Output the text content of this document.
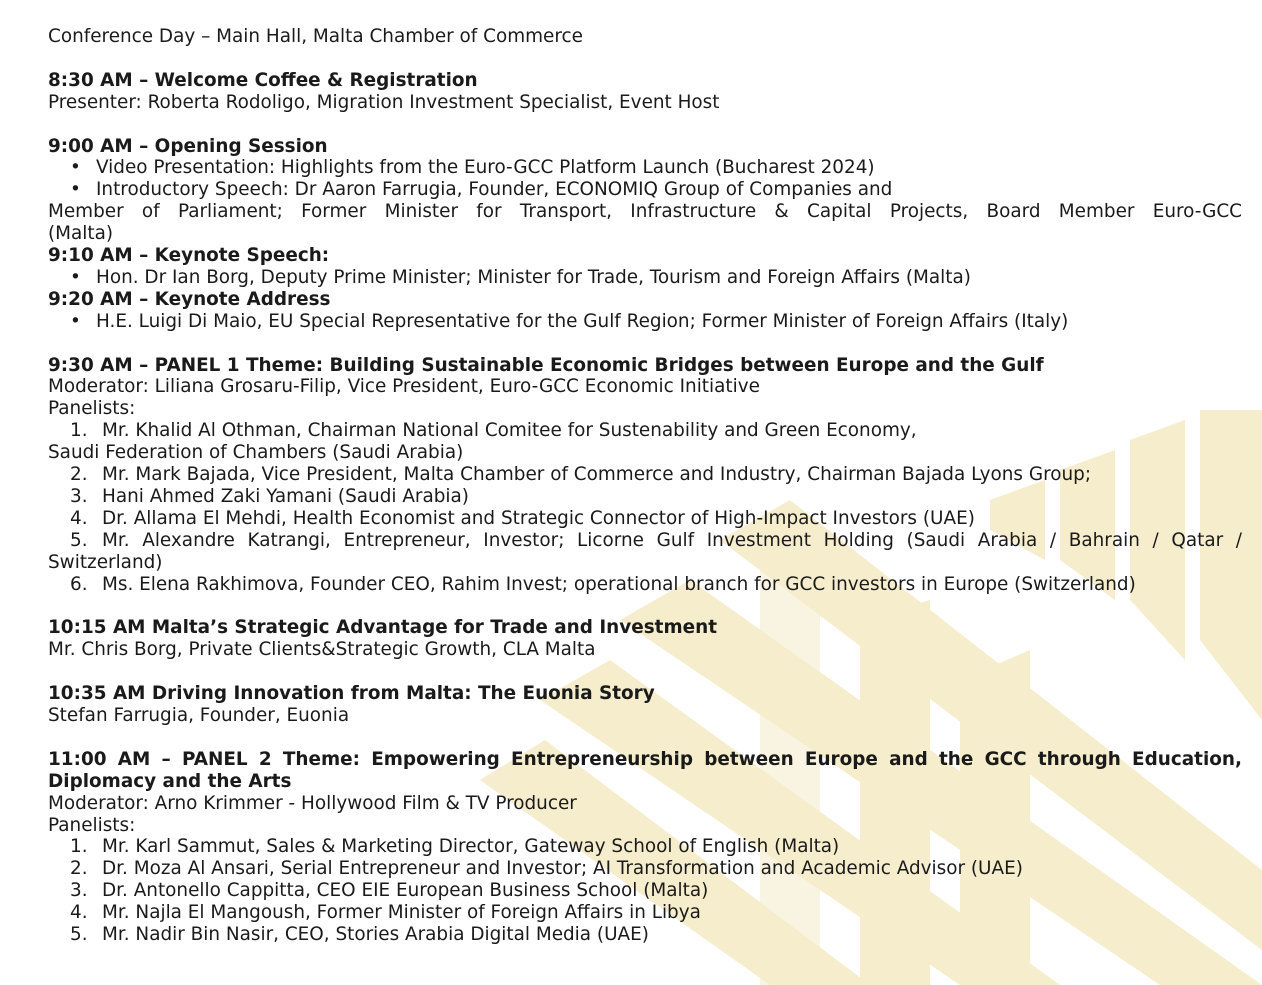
Conference Day – Main Hall, Malta Chamber of Commerce
8:30 AM – Welcome Coffee & Registration
Presenter: Roberta Rodoligo, Migration Investment Specialist, Event Host
9:00 AM – Opening Session
• Video Presentation: Highlights from the Euro-GCC Platform Launch (Bucharest 2024)
• Introductory Speech: Dr Aaron Farrugia, Founder, ECONOMIQ Group of Companies and
Member of Parliament; Former Minister for Transport, Infrastructure & Capital Projects, Board Member Euro-GCC
(Malta)
9:10 AM – Keynote Speech:
• Hon. Dr Ian Borg, Deputy Prime Minister; Minister for Trade, Tourism and Foreign Affairs (Malta)
9:20 AM – Keynote Address
• H.E. Luigi Di Maio, EU Special Representative for the Gulf Region; Former Minister of Foreign Affairs (Italy)
9:30 AM – PANEL 1 Theme: Building Sustainable Economic Bridges between Europe and the Gulf
Moderator: Liliana Grosaru-Filip, Vice President, Euro-GCC Economic Initiative
Panelists:
1. Mr. Khalid Al Othman, Chairman National Comitee for Sustenability and Green Economy,
Saudi Federation of Chambers (Saudi Arabia)
2. Mr. Mark Bajada, Vice President, Malta Chamber of Commerce and Industry, Chairman Bajada Lyons Group;
3. Hani Ahmed Zaki Yamani (Saudi Arabia)
4. Dr. Allama El Mehdi, Health Economist and Strategic Connector of High-Impact Investors (UAE)
5. Mr. Alexandre Katrangi, Entrepreneur, Investor; Licorne Gulf Investment Holding (Saudi Arabia / Bahrain / Qatar /
Switzerland)
6. Ms. Elena Rakhimova, Founder CEO, Rahim Invest; operational branch for GCC investors in Europe (Switzerland)
10:15 AM Malta’s Strategic Advantage for Trade and Investment
Mr. Chris Borg, Private Clients&Strategic Growth, CLA Malta
10:35 AM Driving Innovation from Malta: The Euonia Story
Stefan Farrugia, Founder, Euonia
11:00 AM – PANEL 2 Theme: Empowering Entrepreneurship between Europe and the GCC through Education, Diplomacy and the Arts
Moderator: Arno Krimmer - Hollywood Film & TV Producer
Panelists:
1. Mr. Karl Sammut, Sales & Marketing Director, Gateway School of English (Malta)
2. Dr. Moza Al Ansari, Serial Entrepreneur and Investor; AI Transformation and Academic Advisor (UAE)
3. Dr. Antonello Cappitta, CEO EIE European Business School (Malta)
4. Mr. Najla El Mangoush, Former Minister of Foreign Affairs in Libya
5. Mr. Nadir Bin Nasir, CEO, Stories Arabia Digital Media (UAE)
